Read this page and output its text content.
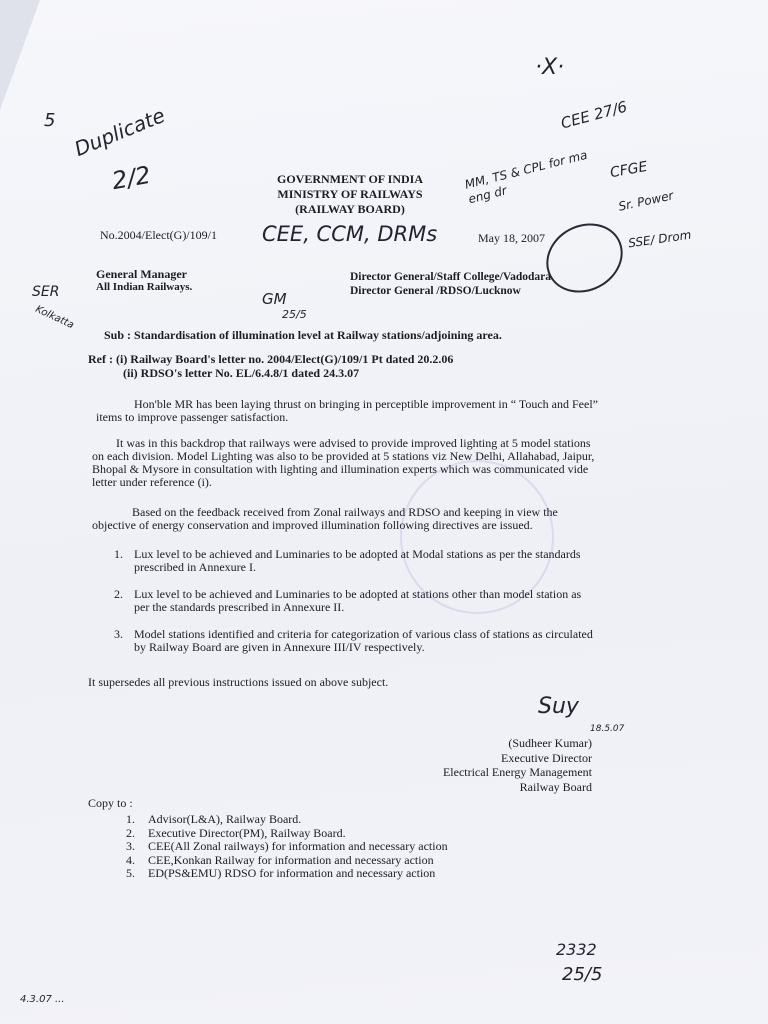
5 Duplicate
2/2
·X·
CEE 27/6
MM, TS & CPL for ma eng dr
CFGE
Sr. Power
SSE/ Drom
CEE, CCM, DRMs
SER
Kolkatta
GM
25/5
2332
25/5
4.3.07 ...
GOVERNMENT OF INDIA
MINISTRY OF RAILWAYS
(RAILWAY BOARD)
No.2004/Elect(G)/109/1	May 18, 2007
General Manager
All Indian Railways.
Director General/Staff College/Vadodara
Director General /RDSO/Lucknow
Sub : Standardisation of illumination level at Railway stations/adjoining area.
Ref : (i) Railway Board's letter no. 2004/Elect(G)/109/1 Pt dated 20.2.06
(ii) RDSO's letter No. EL/6.4.8/1 dated 24.3.07
Hon'ble MR has been laying thrust on bringing in perceptible improvement in “ Touch and Feel” items to improve passenger satisfaction.
It was in this backdrop that railways were advised to provide improved lighting at 5 model stations on each division. Model Lighting was also to be provided at 5 stations viz New Delhi, Allahabad, Jaipur, Bhopal & Mysore in consultation with lighting and illumination experts which was communicated vide letter under reference (i).
Based on the feedback received from Zonal railways and RDSO and keeping in view the objective of energy conservation and improved illumination following directives are issued.
1. Lux level to be achieved and Luminaries to be adopted at Modal stations as per the standards prescribed in Annexure I.
2. Lux level to be achieved and Luminaries to be adopted at stations other than model station as per the standards prescribed in Annexure II.
3. Model stations identified and criteria for categorization of various class of stations as circulated by Railway Board are given in Annexure III/IV respectively.
It supersedes all previous instructions issued on above subject.
Suy
18.5.07
(Sudheer Kumar)
Executive Director
Electrical Energy Management
Railway Board
Copy to :
1. Advisor(L&A), Railway Board.
2. Executive Director(PM), Railway Board.
3. CEE(All Zonal railways) for information and necessary action
4. CEE,Konkan Railway for information and necessary action
5. ED(PS&EMU) RDSO for information and necessary action
